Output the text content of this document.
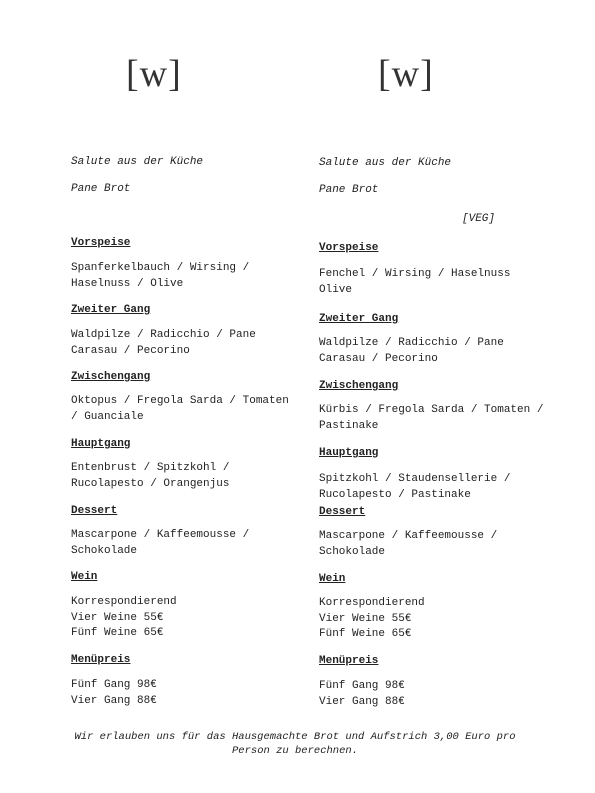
[w]	[w]
Salute aus der Küche
Pane Brot
Vorspeise
Spanferkelbauch / Wirsing / Haselnuss / Olive
Zweiter Gang
Waldpilze / Radicchio / Pane Carasau / Pecorino
Zwischengang
Oktopus / Fregola Sarda / Tomaten / Guanciale
Hauptgang
Entenbrust / Spitzkohl / Rucolapesto / Orangenjus
Dessert
Mascarpone / Kaffeemousse / Schokolade
Wein
Korrespondierend
Vier Weine 55€
Fünf Weine 65€
Menüpreis
Fünf Gang 98€
Vier Gang 88€
Salute aus der Küche
Pane Brot
[VEG]
Vorspeise
Fenchel / Wirsing / Haselnuss Olive
Zweiter Gang
Waldpilze / Radicchio / Pane Carasau / Pecorino
Zwischengang
Kürbis / Fregola Sarda / Tomaten / Pastinake
Hauptgang
Spitzkohl / Staudensellerie / Rucolapesto / Pastinake
Dessert
Mascarpone / Kaffeemousse / Schokolade
Wein
Korrespondierend
Vier Weine 55€
Fünf Weine 65€
Menüpreis
Fünf Gang 98€
Vier Gang 88€
Wir erlauben uns für das Hausgemachte Brot und Aufstrich 3,00 Euro pro Person zu berechnen.
